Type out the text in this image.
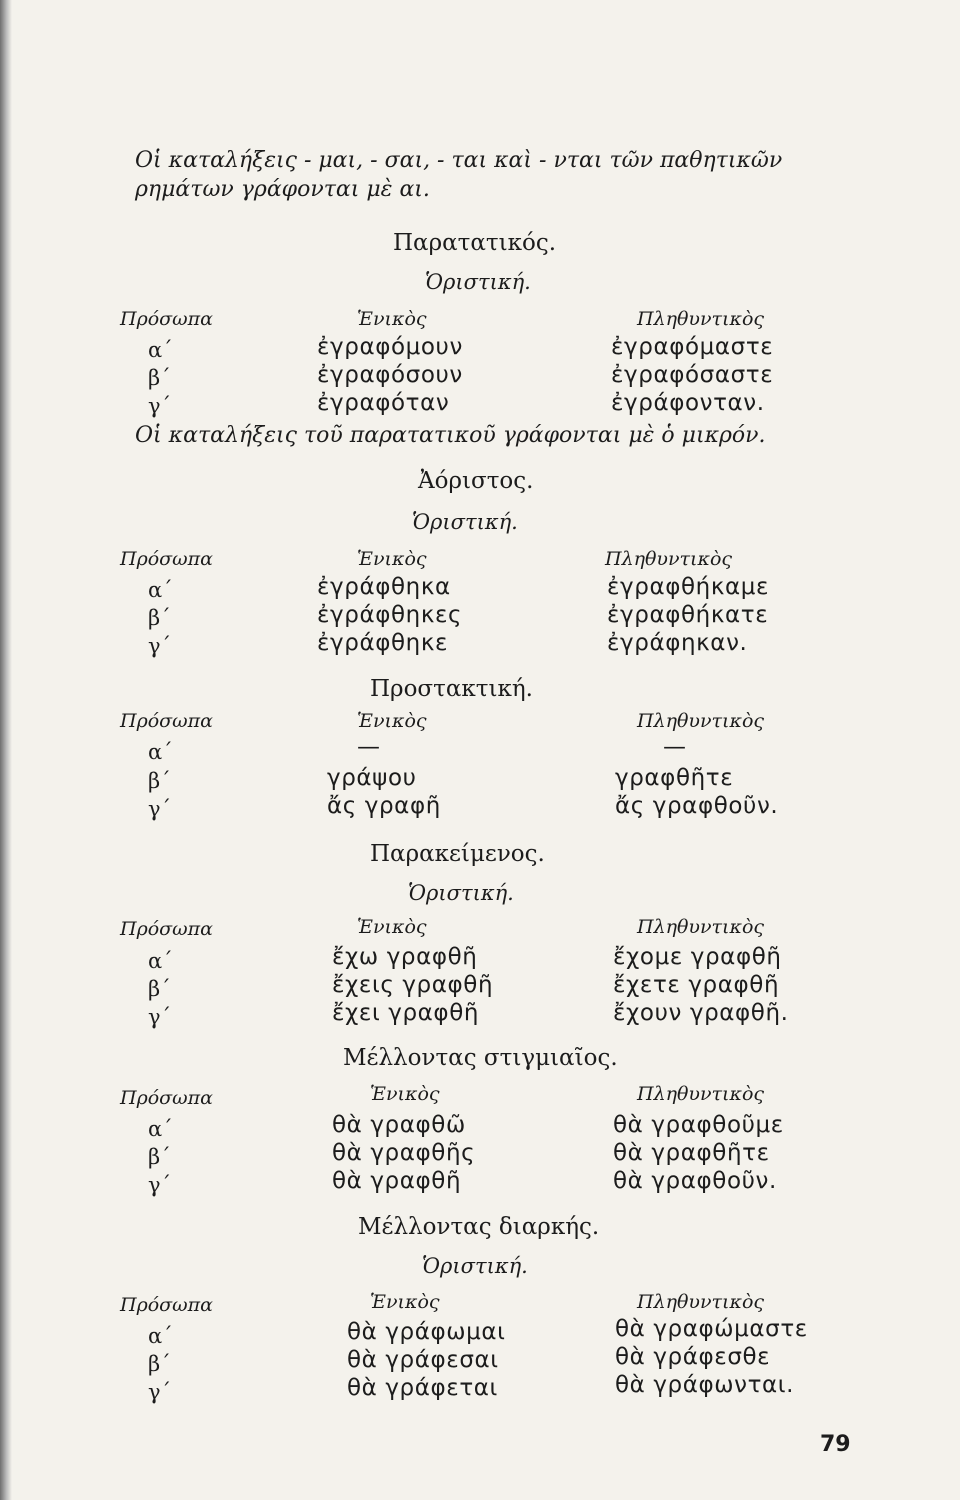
Οἱ καταλήξεις - μαι, - σαι, - ται καὶ - νται τῶν παθητικῶν
ρημάτων γράφονται μὲ αι.
Παρατατικός.
Ὁριστική.
Πρόσωπα	Ἑνικὸς	Πληθυντικὸς
α΄	ἐγραφόμουν	ἐγραφόμαστε
β΄	ἐγραφόσουν	ἐγραφόσαστε
γ΄	ἐγραφόταν	ἐγράφονταν.
Οἱ καταλήξεις τοῦ παρατατικοῦ γράφονται μὲ ὁ μικρόν.
Ἀόριστος.
Ὁριστική.
Πρόσωπα	Ἑνικὸς	Πληθυντικὸς
α΄	ἐγράφθηκα	ἐγραφθήκαμε
β΄	ἐγράφθηκες	ἐγραφθήκατε
γ΄	ἐγράφθηκε	ἐγράφηκαν.
Προστακτική.
Πρόσωπα	Ἑνικὸς	Πληθυντικὸς
α΄	—	—
β΄	γράψου	γραφθῆτε
γ΄	ἄς γραφῆ	ἄς γραφθοῦν.
Παρακείμενος.
Ὁριστική.
Πρόσωπα	Ἑνικὸς	Πληθυντικὸς
α΄	ἔχω γραφθῆ	ἔχομε γραφθῆ
β΄	ἔχεις γραφθῆ	ἔχετε γραφθῆ
γ΄	ἔχει γραφθῆ	ἔχουν γραφθῆ.
Μέλλοντας στιγμιαῖος.
Πρόσωπα	Ἑνικὸς	Πληθυντικὸς
α΄	θὰ γραφθῶ	θὰ γραφθοῦμε
β΄	θὰ γραφθῆς	θὰ γραφθῆτε
γ΄	θὰ γραφθῆ	θὰ γραφθοῦν.
Μέλλοντας διαρκής.
Ὁριστική.
Πρόσωπα	Ἑνικὸς	Πληθυντικὸς
α΄	θὰ γράφωμαι	θὰ γραφώμαστε
β΄	θὰ γράφεσαι	θὰ γράφεσθε
γ΄	θὰ γράφεται	θὰ γράφωνται.
79
